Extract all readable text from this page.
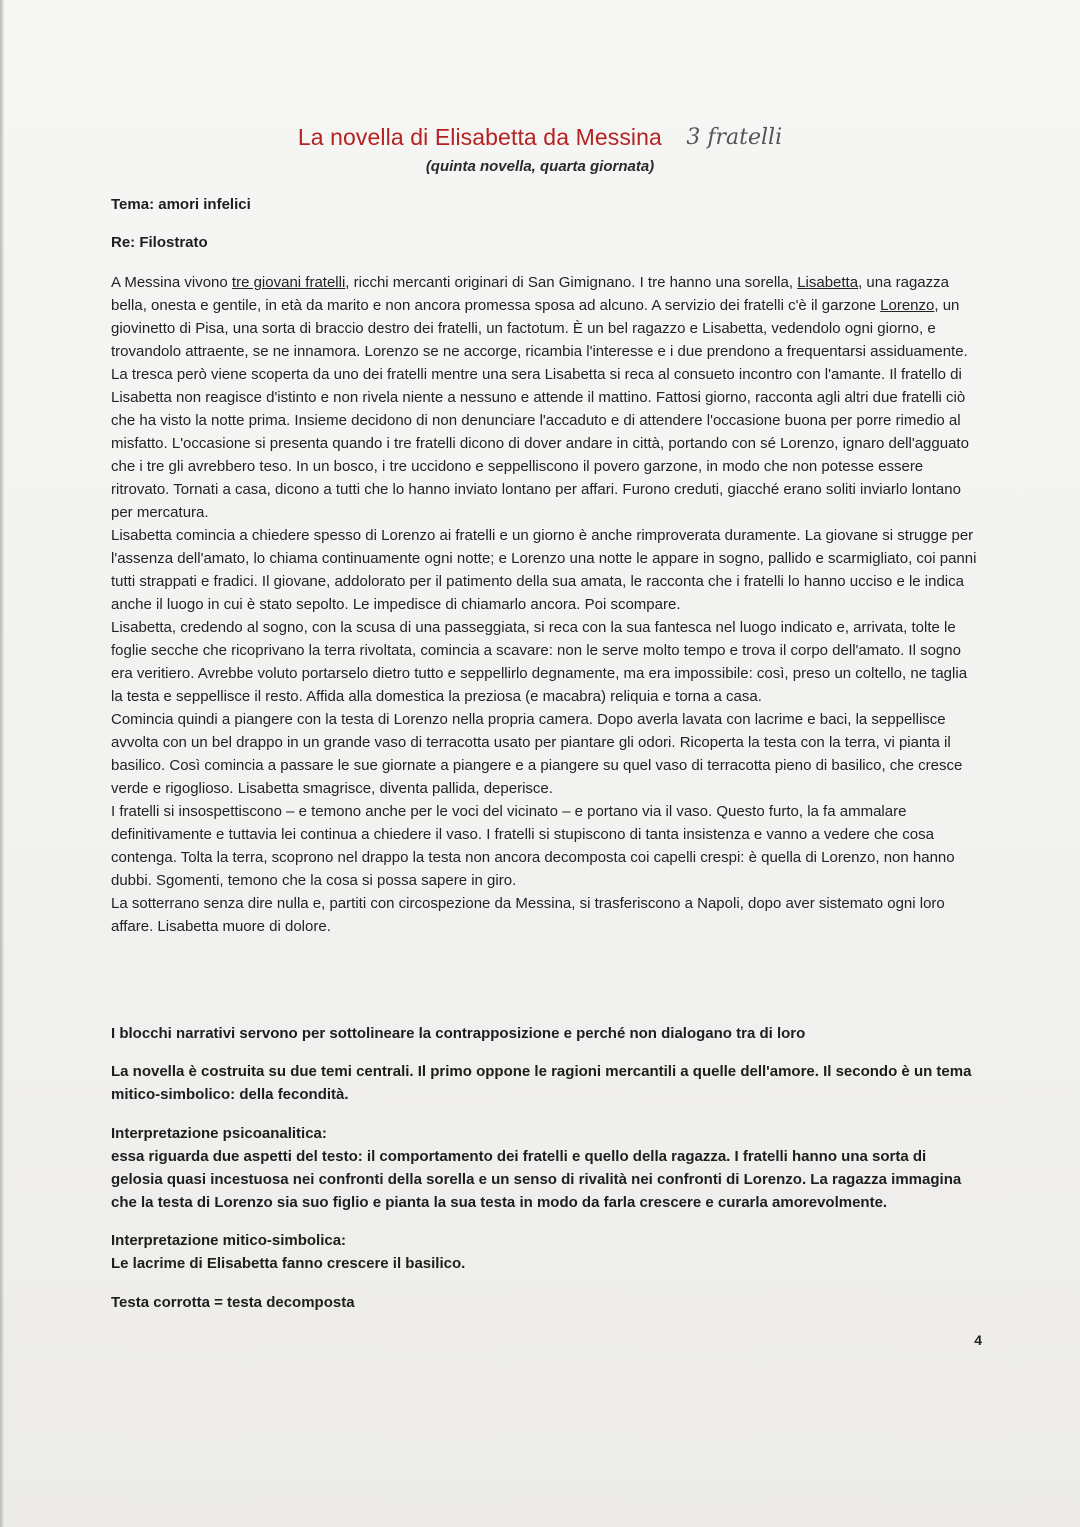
La novella di Elisabetta da Messina 3 fratelli
(quinta novella, quarta giornata)
Tema: amori infelici
Re: Filostrato

A Messina vivono tre giovani fratelli, ricchi mercanti originari di San Gimignano. I tre hanno una sorella, Lisabetta, una ragazza bella, onesta e gentile, in età da marito e non ancora promessa sposa ad alcuno. A servizio dei fratelli c'è il garzone Lorenzo, un giovinetto di Pisa, una sorta di braccio destro dei fratelli, un factotum. È un bel ragazzo e Lisabetta, vedendolo ogni giorno, e trovandolo attraente, se ne innamora. Lorenzo se ne accorge, ricambia l'interesse e i due prendono a frequentarsi assiduamente.

La tresca però viene scoperta da uno dei fratelli mentre una sera Lisabetta si reca al consueto incontro con l'amante. Il fratello di Lisabetta non reagisce d'istinto e non rivela niente a nessuno e attende il mattino. Fattosi giorno, racconta agli altri due fratelli ciò che ha visto la notte prima. Insieme decidono di non denunciare l'accaduto e di attendere l'occasione buona per porre rimedio al misfatto. L'occasione si presenta quando i tre fratelli dicono di dover andare in città, portando con sé Lorenzo, ignaro dell'agguato che i tre gli avrebbero teso. In un bosco, i tre uccidono e seppelliscono il povero garzone, in modo che non potesse essere ritrovato. Tornati a casa, dicono a tutti che lo hanno inviato lontano per affari. Furono creduti, giacché erano soliti inviarlo lontano per mercatura.

Lisabetta comincia a chiedere spesso di Lorenzo ai fratelli e un giorno è anche rimproverata duramente. La giovane si strugge per l'assenza dell'amato, lo chiama continuamente ogni notte; e Lorenzo una notte le appare in sogno, pallido e scarmigliato, coi panni tutti strappati e fradici. Il giovane, addolorato per il patimento della sua amata, le racconta che i fratelli lo hanno ucciso e le indica anche il luogo in cui è stato sepolto. Le impedisce di chiamarlo ancora. Poi scompare.

Lisabetta, credendo al sogno, con la scusa di una passeggiata, si reca con la sua fantesca nel luogo indicato e, arrivata, tolte le foglie secche che ricoprivano la terra rivoltata, comincia a scavare: non le serve molto tempo e trova il corpo dell'amato. Il sogno era veritiero. Avrebbe voluto portarselo dietro tutto e seppellirlo degnamente, ma era impossibile: così, preso un coltello, ne taglia la testa e seppellisce il resto. Affida alla domestica la preziosa (e macabra) reliquia e torna a casa.

Comincia quindi a piangere con la testa di Lorenzo nella propria camera. Dopo averla lavata con lacrime e baci, la seppellisce avvolta con un bel drappo in un grande vaso di terracotta usato per piantare gli odori. Ricoperta la testa con la terra, vi pianta il basilico. Così comincia a passare le sue giornate a piangere e a piangere su quel vaso di terracotta pieno di basilico, che cresce verde e rigoglioso. Lisabetta smagrisce, diventa pallida, deperisce.

I fratelli si insospettiscono – e temono anche per le voci del vicinato – e portano via il vaso. Questo furto, la fa ammalare definitivamente e tuttavia lei continua a chiedere il vaso. I fratelli si stupiscono di tanta insistenza e vanno a vedere che cosa contenga. Tolta la terra, scoprono nel drappo la testa non ancora decomposta coi capelli crespi: è quella di Lorenzo, non hanno dubbi. Sgomenti, temono che la cosa si possa sapere in giro.

La sotterrano senza dire nulla e, partiti con circospezione da Messina, si trasferiscono a Napoli, dopo aver sistemato ogni loro affare. Lisabetta muore di dolore.

I blocchi narrativi servono per sottolineare la contrapposizione e perché non dialogano tra di loro

La novella è costruita su due temi centrali. Il primo oppone le ragioni mercantili a quelle dell'amore. Il secondo è un tema mitico-simbolico: della fecondità.

Interpretazione psicoanalitica:

essa riguarda due aspetti del testo: il comportamento dei fratelli e quello della ragazza. I fratelli hanno una sorta di gelosia quasi incestuosa nei confronti della sorella e un senso di rivalità nei confronti di Lorenzo. La ragazza immagina che la testa di Lorenzo sia suo figlio e pianta la sua testa in modo da farla crescere e curarla amorevolmente.

Interpretazione mitico-simbolica:

Le lacrime di Elisabetta fanno crescere il basilico.

Testa corrotta = testa decomposta

4
